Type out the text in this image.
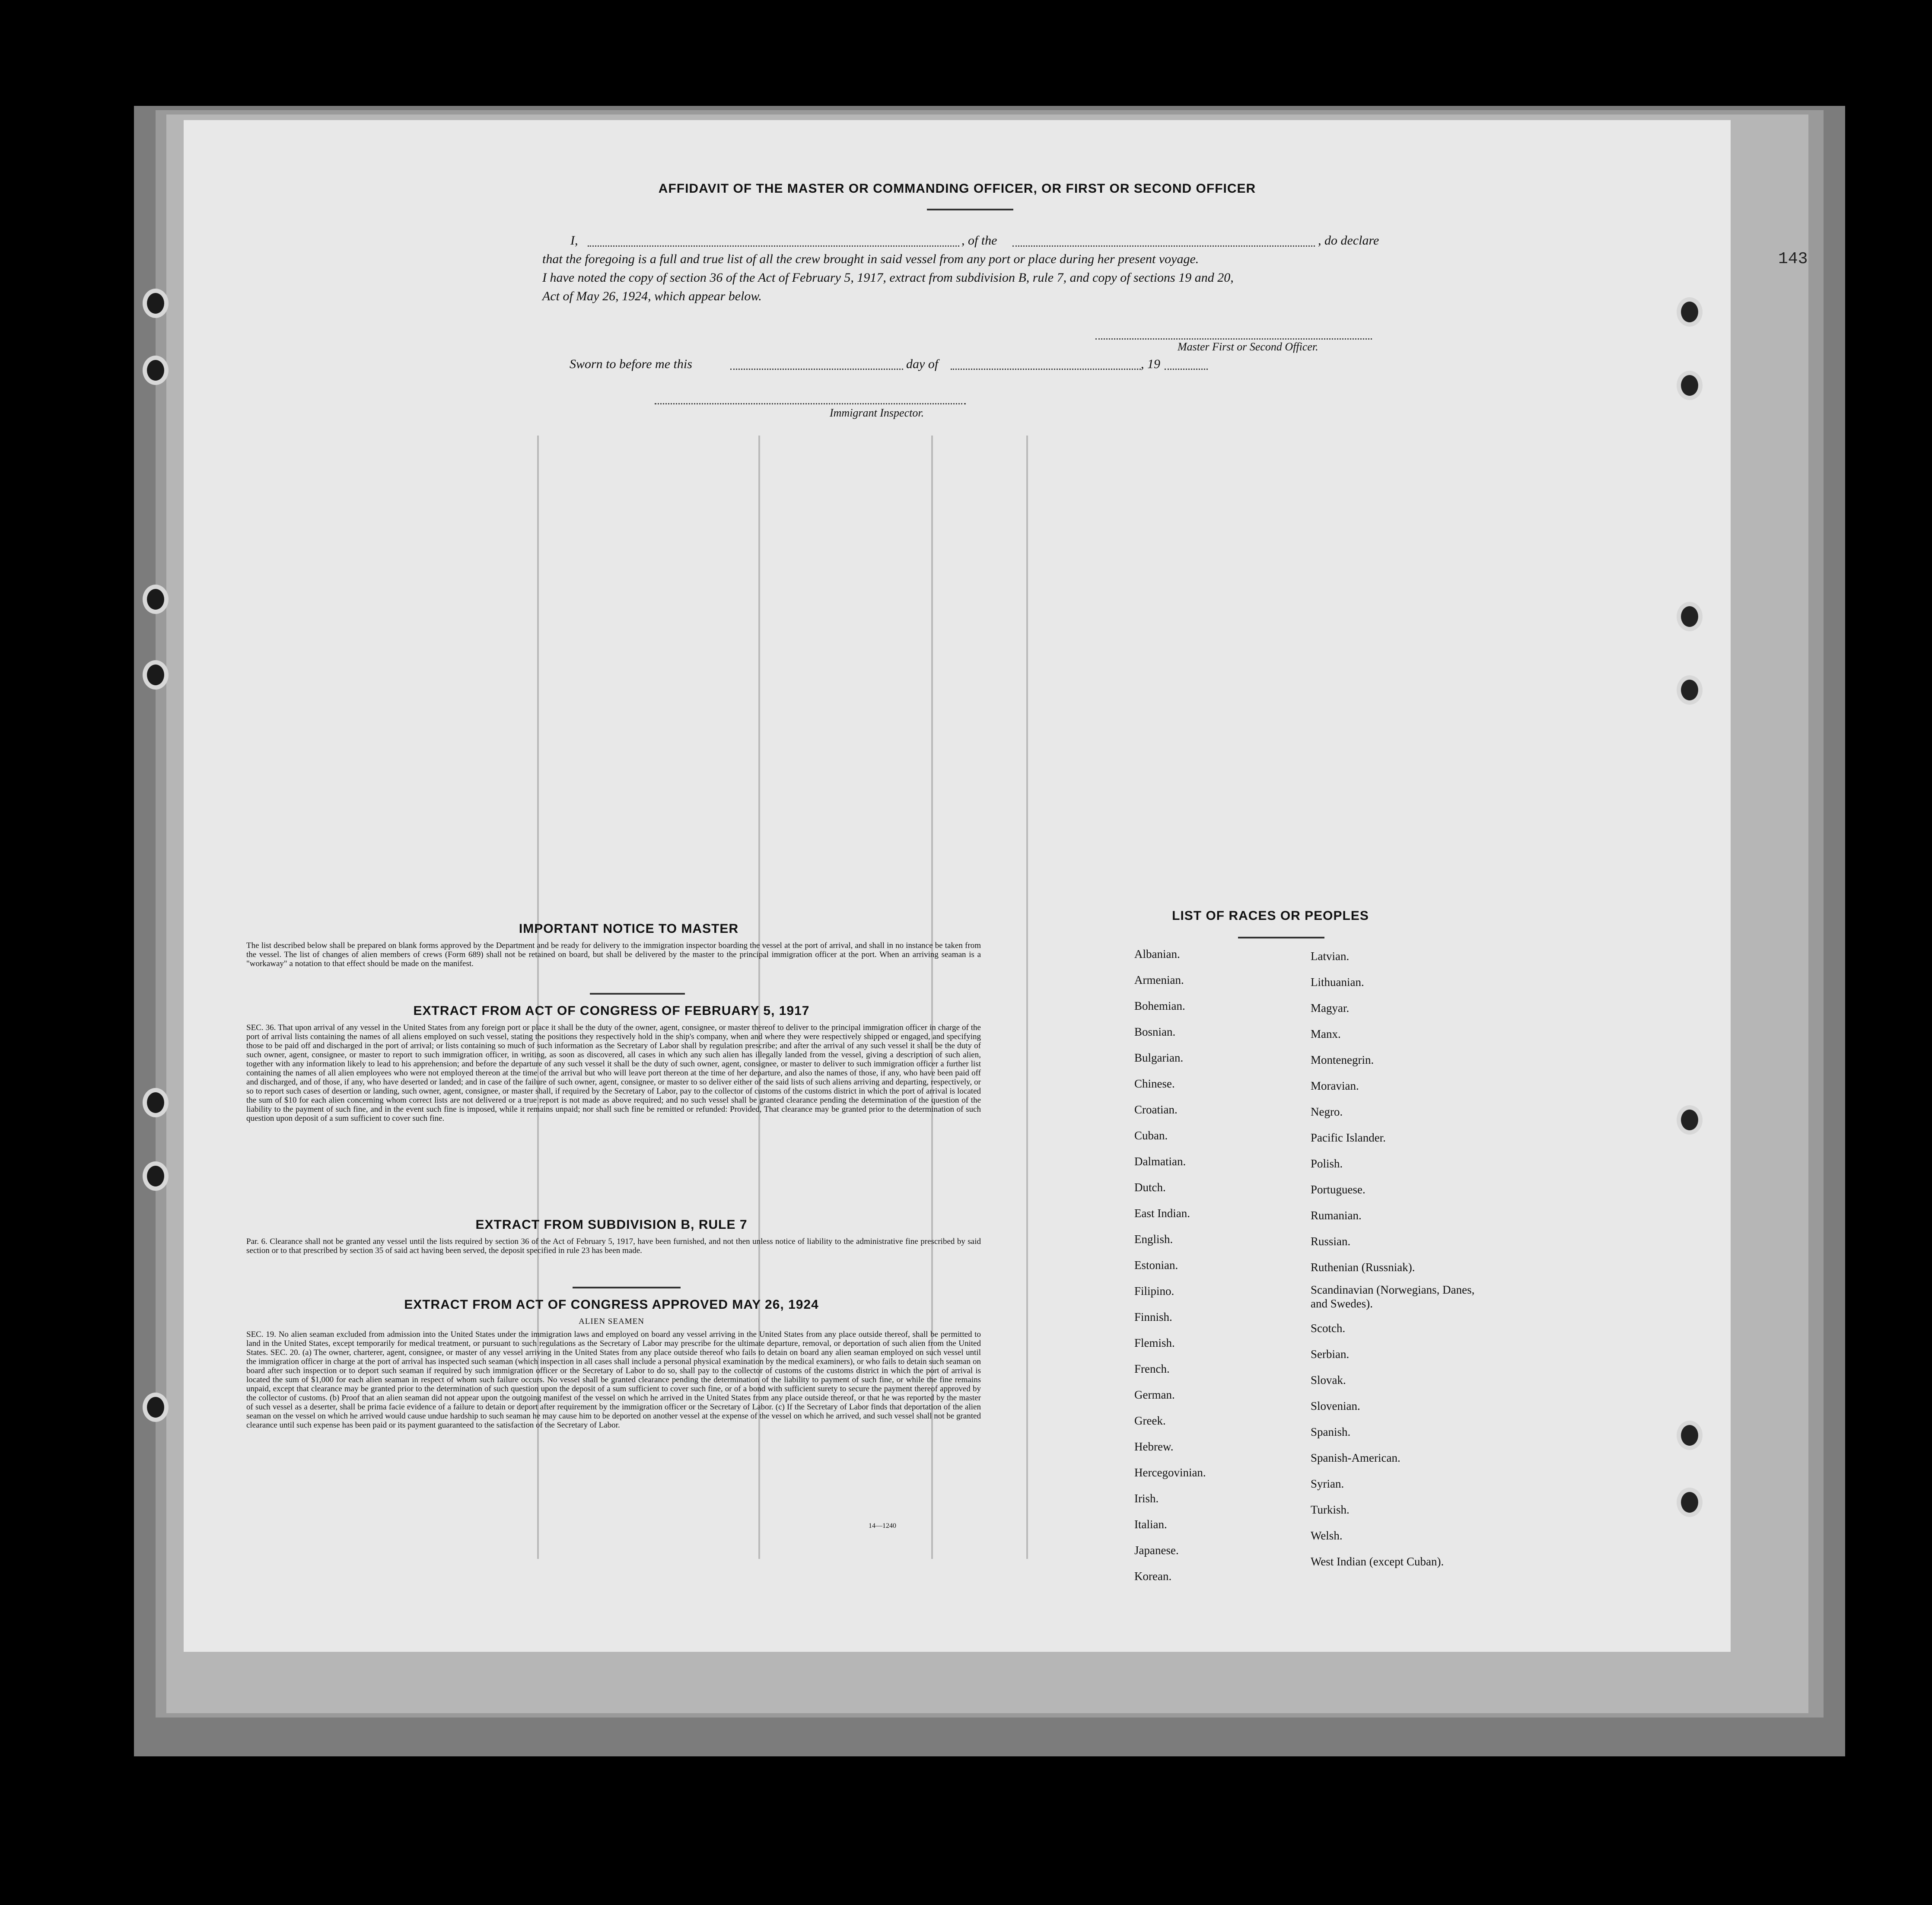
143
AFFIDAVIT OF THE MASTER OR COMMANDING OFFICER, OR FIRST OR SECOND OFFICER
I,	, of the	, do declare
that the foregoing is a full and true list of all the crew brought in said vessel from any port or place during her present voyage.
I have noted the copy of section 36 of the Act of February 5, 1917, extract from subdivision B, rule 7, and copy of sections 19 and 20,
Act of May 26, 1924, which appear below.
Master First or Second Officer.
Sworn to before me this	day of	, 19
Immigrant Inspector.
IMPORTANT NOTICE TO MASTER
The list described below shall be prepared on blank forms approved by the Department and be ready for delivery to the immigration inspector boarding the vessel at the port of arrival, and shall in no instance be taken from the vessel. The list of changes of alien members of crews (Form 689) shall not be retained on board, but shall be delivered by the master to the principal immigration officer at the port. When an arriving seaman is a "workaway" a notation to that effect should be made on the manifest.
EXTRACT FROM ACT OF CONGRESS OF FEBRUARY 5, 1917
SEC. 36. That upon arrival of any vessel in the United States from any foreign port or place it shall be the duty of the owner, agent, consignee, or master thereof to deliver to the principal immigration officer in charge of the port of arrival lists containing the names of all aliens employed on such vessel, stating the positions they respectively hold in the ship's company, when and where they were respectively shipped or engaged, and specifying those to be paid off and discharged in the port of arrival; or lists containing so much of such information as the Secretary of Labor shall by regulation prescribe; and after the arrival of any such vessel it shall be the duty of such owner, agent, consignee, or master to report to such immigration officer, in writing, as soon as discovered, all cases in which any such alien has illegally landed from the vessel, giving a description of such alien, together with any information likely to lead to his apprehension; and before the departure of any such vessel it shall be the duty of such owner, agent, consignee, or master to deliver to such immigration officer a further list containing the names of all alien employees who were not employed thereon at the time of the arrival but who will leave port thereon at the time of her departure, and also the names of those, if any, who have been paid off and discharged, and of those, if any, who have deserted or landed; and in case of the failure of such owner, agent, consignee, or master to so deliver either of the said lists of such aliens arriving and departing, respectively, or so to report such cases of desertion or landing, such owner, agent, consignee, or master shall, if required by the Secretary of Labor, pay to the collector of customs of the customs district in which the port of arrival is located the sum of $10 for each alien concerning whom correct lists are not delivered or a true report is not made as above required; and no such vessel shall be granted clearance pending the determination of the question of the liability to the payment of such fine, and in the event such fine is imposed, while it remains unpaid; nor shall such fine be remitted or refunded: Provided, That clearance may be granted prior to the determination of such question upon deposit of a sum sufficient to cover such fine.
EXTRACT FROM SUBDIVISION B, RULE 7
Par. 6. Clearance shall not be granted any vessel until the lists required by section 36 of the Act of February 5, 1917, have been furnished, and not then unless notice of liability to the administrative fine prescribed by said section or to that prescribed by section 35 of said act having been served, the deposit specified in rule 23 has been made.
EXTRACT FROM ACT OF CONGRESS APPROVED MAY 26, 1924
ALIEN SEAMEN
SEC. 19. No alien seaman excluded from admission into the United States under the immigration laws and employed on board any vessel arriving in the United States from any place outside thereof, shall be permitted to land in the United States, except temporarily for medical treatment, or pursuant to such regulations as the Secretary of Labor may prescribe for the ultimate departure, removal, or deportation of such alien from the United States. SEC. 20. (a) The owner, charterer, agent, consignee, or master of any vessel arriving in the United States from any place outside thereof who fails to detain on board any alien seaman employed on such vessel until the immigration officer in charge at the port of arrival has inspected such seaman (which inspection in all cases shall include a personal physical examination by the medical examiners), or who fails to detain such seaman on board after such inspection or to deport such seaman if required by such immigration officer or the Secretary of Labor to do so, shall pay to the collector of customs of the customs district in which the port of arrival is located the sum of $1,000 for each alien seaman in respect of whom such failure occurs. No vessel shall be granted clearance pending the determination of the liability to payment of such fine, or while the fine remains unpaid, except that clearance may be granted prior to the determination of such question upon the deposit of a sum sufficient to cover such fine, or of a bond with sufficient surety to secure the payment thereof approved by the collector of customs. (b) Proof that an alien seaman did not appear upon the outgoing manifest of the vessel on which he arrived in the United States from any place outside thereof, or that he was reported by the master of such vessel as a deserter, shall be prima facie evidence of a failure to detain or deport after requirement by the immigration officer or the Secretary of Labor. (c) If the Secretary of Labor finds that deportation of the alien seaman on the vessel on which he arrived would cause undue hardship to such seaman he may cause him to be deported on another vessel at the expense of the vessel on which he arrived, and such vessel shall not be granted clearance until such expense has been paid or its payment guaranteed to the satisfaction of the Secretary of Labor.
14—1240
LIST OF RACES OR PEOPLES
Albanian.
Armenian.
Bohemian.
Bosnian.
Bulgarian.
Chinese.
Croatian.
Cuban.
Dalmatian.
Dutch.
East Indian.
English.
Estonian.
Filipino.
Finnish.
Flemish.
French.
German.
Greek.
Hebrew.
Hercegovinian.
Irish.
Italian.
Japanese.
Korean.
Latvian.
Lithuanian.
Magyar.
Manx.
Montenegrin.
Moravian.
Negro.
Pacific Islander.
Polish.
Portuguese.
Rumanian.
Russian.
Ruthenian (Russniak).
Scandinavian (Norwegians, Danes, and Swedes).
Scotch.
Serbian.
Slovak.
Slovenian.
Spanish.
Spanish-American.
Syrian.
Turkish.
Welsh.
West Indian (except Cuban).
